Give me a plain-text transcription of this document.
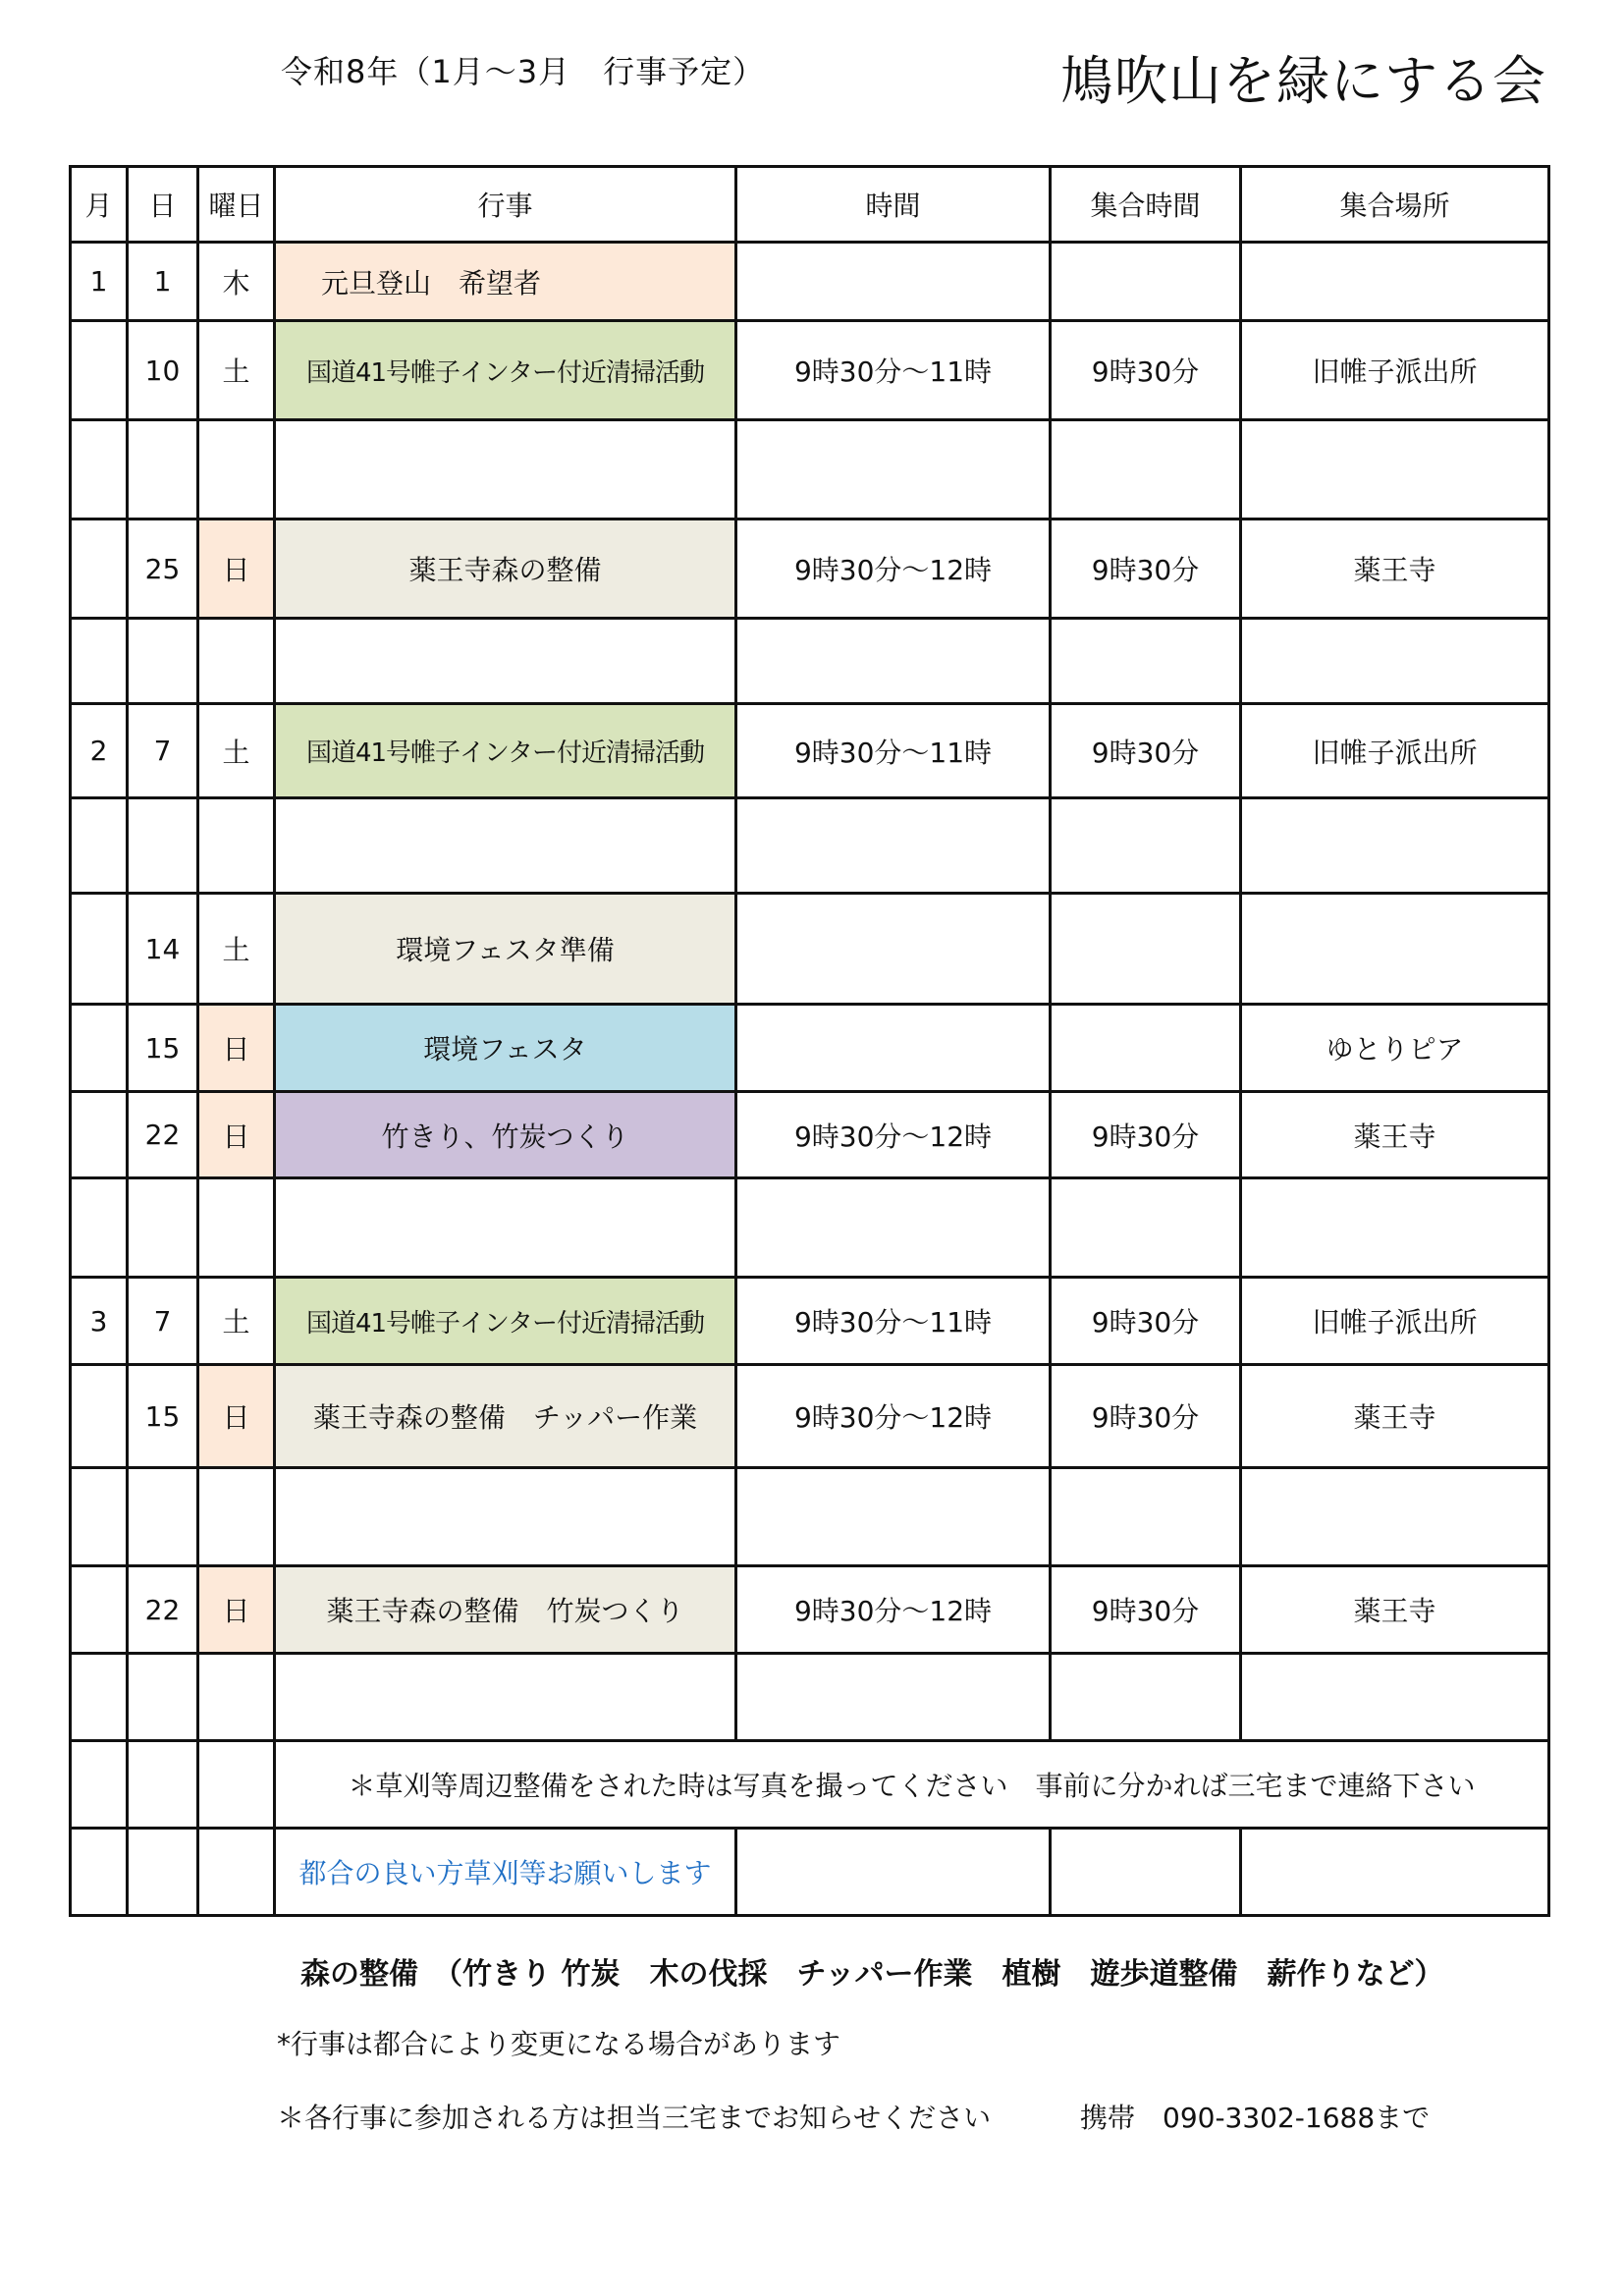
令和8年（1月～3月　行事予定）	鳩吹山を緑にする会
月	日	曜日	行事	時間	集合時間	集合場所
1	1	木	元旦登山　希望者			
	10	土	国道41号帷子インター付近清掃活動	9時30分～11時	9時30分	旧帷子派出所

	25	日	薬王寺森の整備	9時30分～12時	9時30分	薬王寺

2	7	土	国道41号帷子インター付近清掃活動	9時30分～11時	9時30分	旧帷子派出所

	14	土	環境フェスタ準備			
	15	日	環境フェスタ			ゆとりピア
	22	日	竹きり、竹炭つくり	9時30分～12時	9時30分	薬王寺

3	7	土	国道41号帷子インター付近清掃活動	9時30分～11時	9時30分	旧帷子派出所
	15	日	薬王寺森の整備　チッパー作業	9時30分～12時	9時30分	薬王寺

	22	日	薬王寺森の整備　竹炭つくり	9時30分～12時	9時30分	薬王寺

			＊草刈等周辺整備をされた時は写真を撮ってください　事前に分かれば三宅まで連絡下さい			
			都合の良い方草刈等お願いします			
森の整備　（竹きり 竹炭　木の伐採　チッパー作業　植樹　遊歩道整備　薪作りなど）
*行事は都合により変更になる場合があります
＊各行事に参加される方は担当三宅までお知らせください	携帯　090-3302-1688まで
